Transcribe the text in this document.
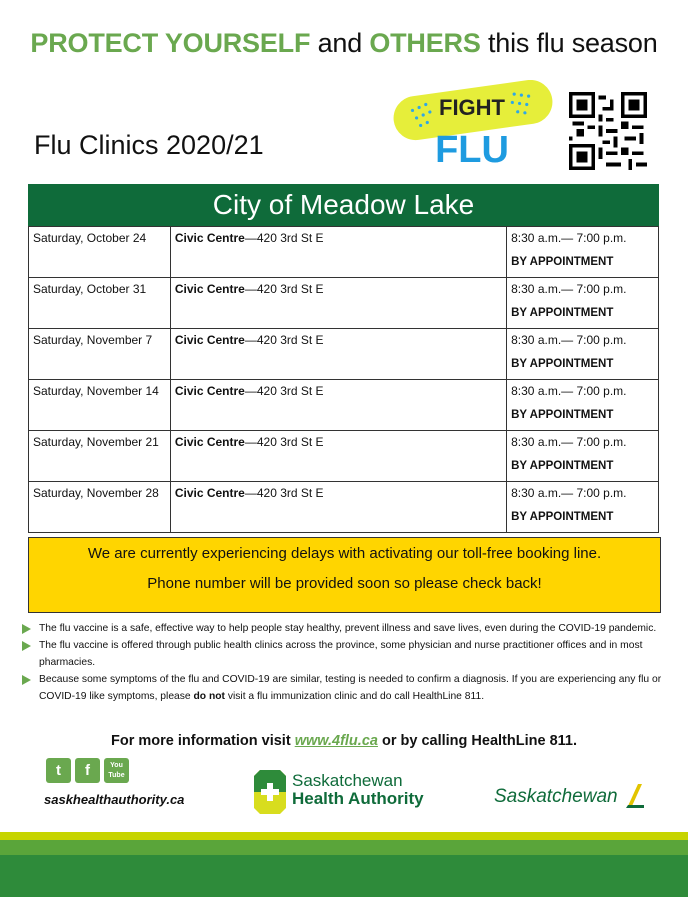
PROTECT YOURSELF and OTHERS this flu season
Flu Clinics 2020/21
FIGHT
FLU
City of Meadow Lake
Saturday, October 24	Civic Centre—420 3rd St E	8:30 a.m.— 7:00 p.m.
BY APPOINTMENT

Saturday, October 31	Civic Centre—420 3rd St E	8:30 a.m.— 7:00 p.m.
BY APPOINTMENT

Saturday, November 7	Civic Centre—420 3rd St E	8:30 a.m.— 7:00 p.m.
BY APPOINTMENT

Saturday, November 14	Civic Centre—420 3rd St E	8:30 a.m.— 7:00 p.m.
BY APPOINTMENT

Saturday, November 21	Civic Centre—420 3rd St E	8:30 a.m.— 7:00 p.m.
BY APPOINTMENT

Saturday, November 28	Civic Centre—420 3rd St E	8:30 a.m.— 7:00 p.m.
BY APPOINTMENT

We are currently experiencing delays with activating our toll-free booking line.

Phone number will be provided soon so please check back!

The flu vaccine is a safe, effective way to help people stay healthy, prevent illness and save lives, even during the COVID-19 pandemic.
The flu vaccine is offered through public health clinics across the province, some physician and nurse practitioner offices and in most pharmacies.
Because some symptoms of the flu and COVID-19 are similar, testing is needed to confirm a diagnosis. If you are experiencing any flu or COVID-19 like symptoms, please do not visit a flu immunization clinic and do call HealthLine 811.
For more information visit www.4flu.ca or by calling HealthLine 811.
t	f	You
Tube
saskhealthauthority.ca
Saskatchewan
Health Authority	Saskatchewan
